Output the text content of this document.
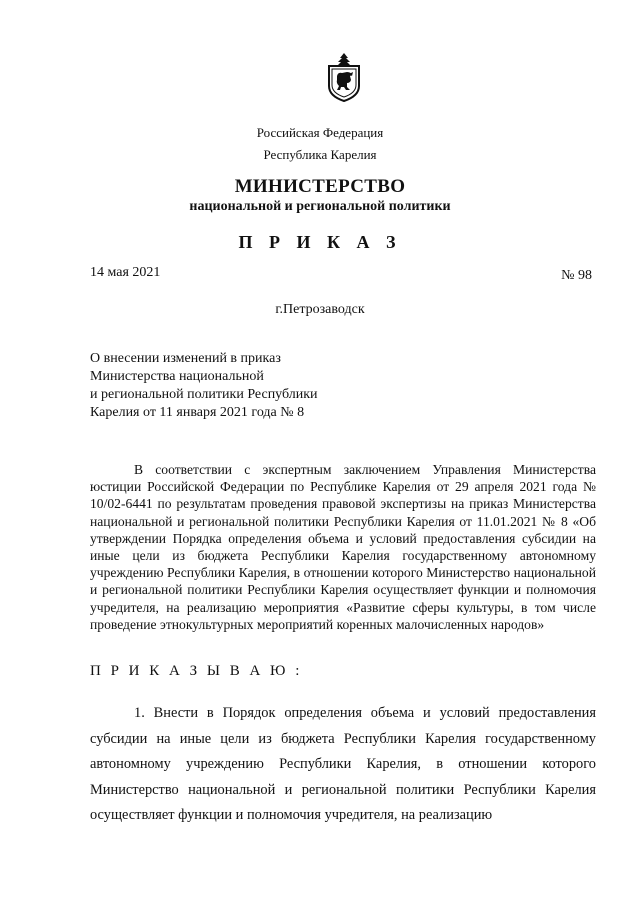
Российская Федерация
Республика Карелия
МИНИСТЕРСТВО
национальной и региональной политики
П Р И К А З
14 мая 2021	№ 98
г.Петрозаводск
О внесении изменений в приказ
Министерства национальной
и региональной политики Республики
Карелия от 11 января 2021 года № 8

В соответствии с экспертным заключением Управления Министерства юстиции Российской Федерации по Республике Карелия от 29 апреля 2021 года № 10/02-6441 по результатам проведения правовой экспертизы на приказ Министерства национальной и региональной политики Республики Карелия от 11.01.2021 № 8 «Об утверждении Порядка определения объема и условий предоставления субсидии на иные цели из бюджета Республики Карелия государственному автономному учреждению Республики Карелия, в отношении которого Министерство национальной и региональной политики Республики Карелия осуществляет функции и полномочия учредителя, на реализацию мероприятия «Развитие сферы культуры, в том числе проведение этнокультурных мероприятий коренных малочисленных народов»

П Р И К А З Ы В А Ю :

1. Внести в Порядок определения объема и условий предоставления субсидии на иные цели из бюджета Республики Карелия государственному автономному учреждению Республики Карелия, в отношении которого Министерство национальной и региональной политики Республики Карелия осуществляет функции и полномочия учредителя, на реализацию
